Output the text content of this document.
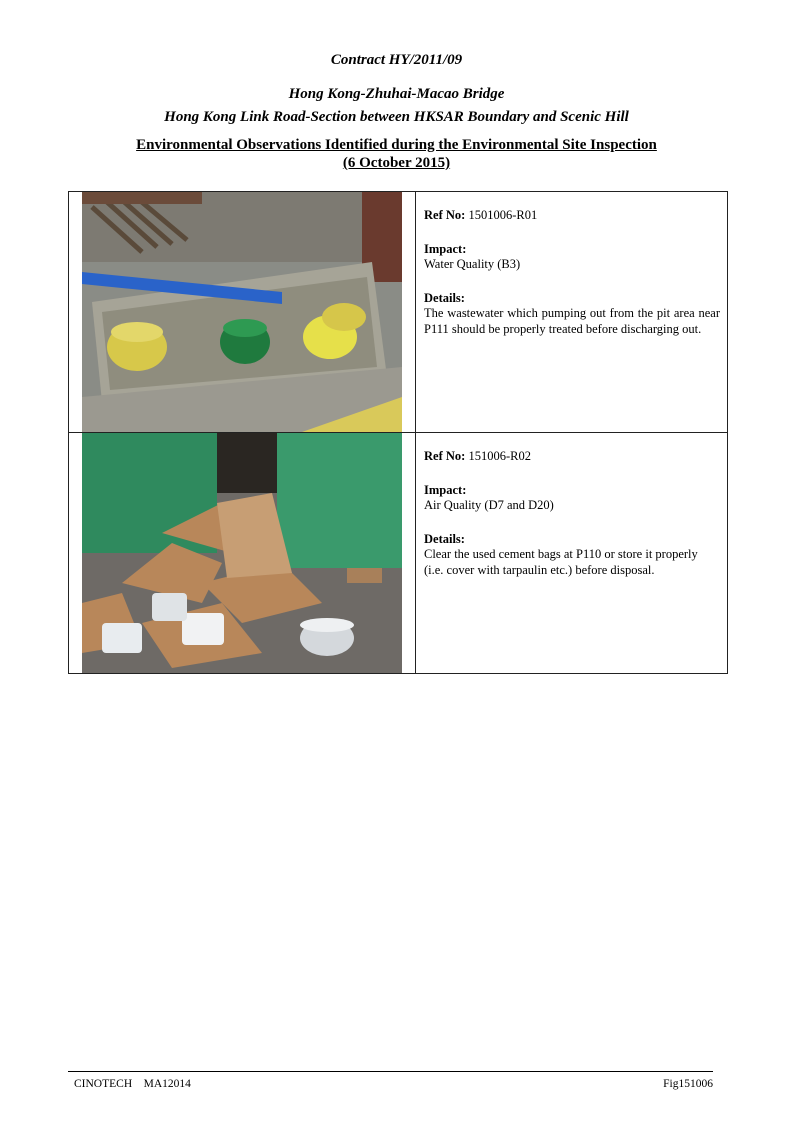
Contract HY/2011/09
Hong Kong-Zhuhai-Macao Bridge
Hong Kong Link Road-Section between HKSAR Boundary and Scenic Hill
Environmental Observations Identified during the Environmental Site Inspection
(6 October 2015)

Ref No: 1501006-R01
Impact:
Water Quality (B3)
Details:
The wastewater which pumping out from the pit area near P111 should be properly treated before discharging out.

Ref No: 151006-R02
Impact:
Air Quality (D7 and D20)
Details:
Clear the used cement bags at P110 or store it properly (i.e. cover with tarpaulin etc.) before disposal.
CINOTECH    MA12014	Fig151006
